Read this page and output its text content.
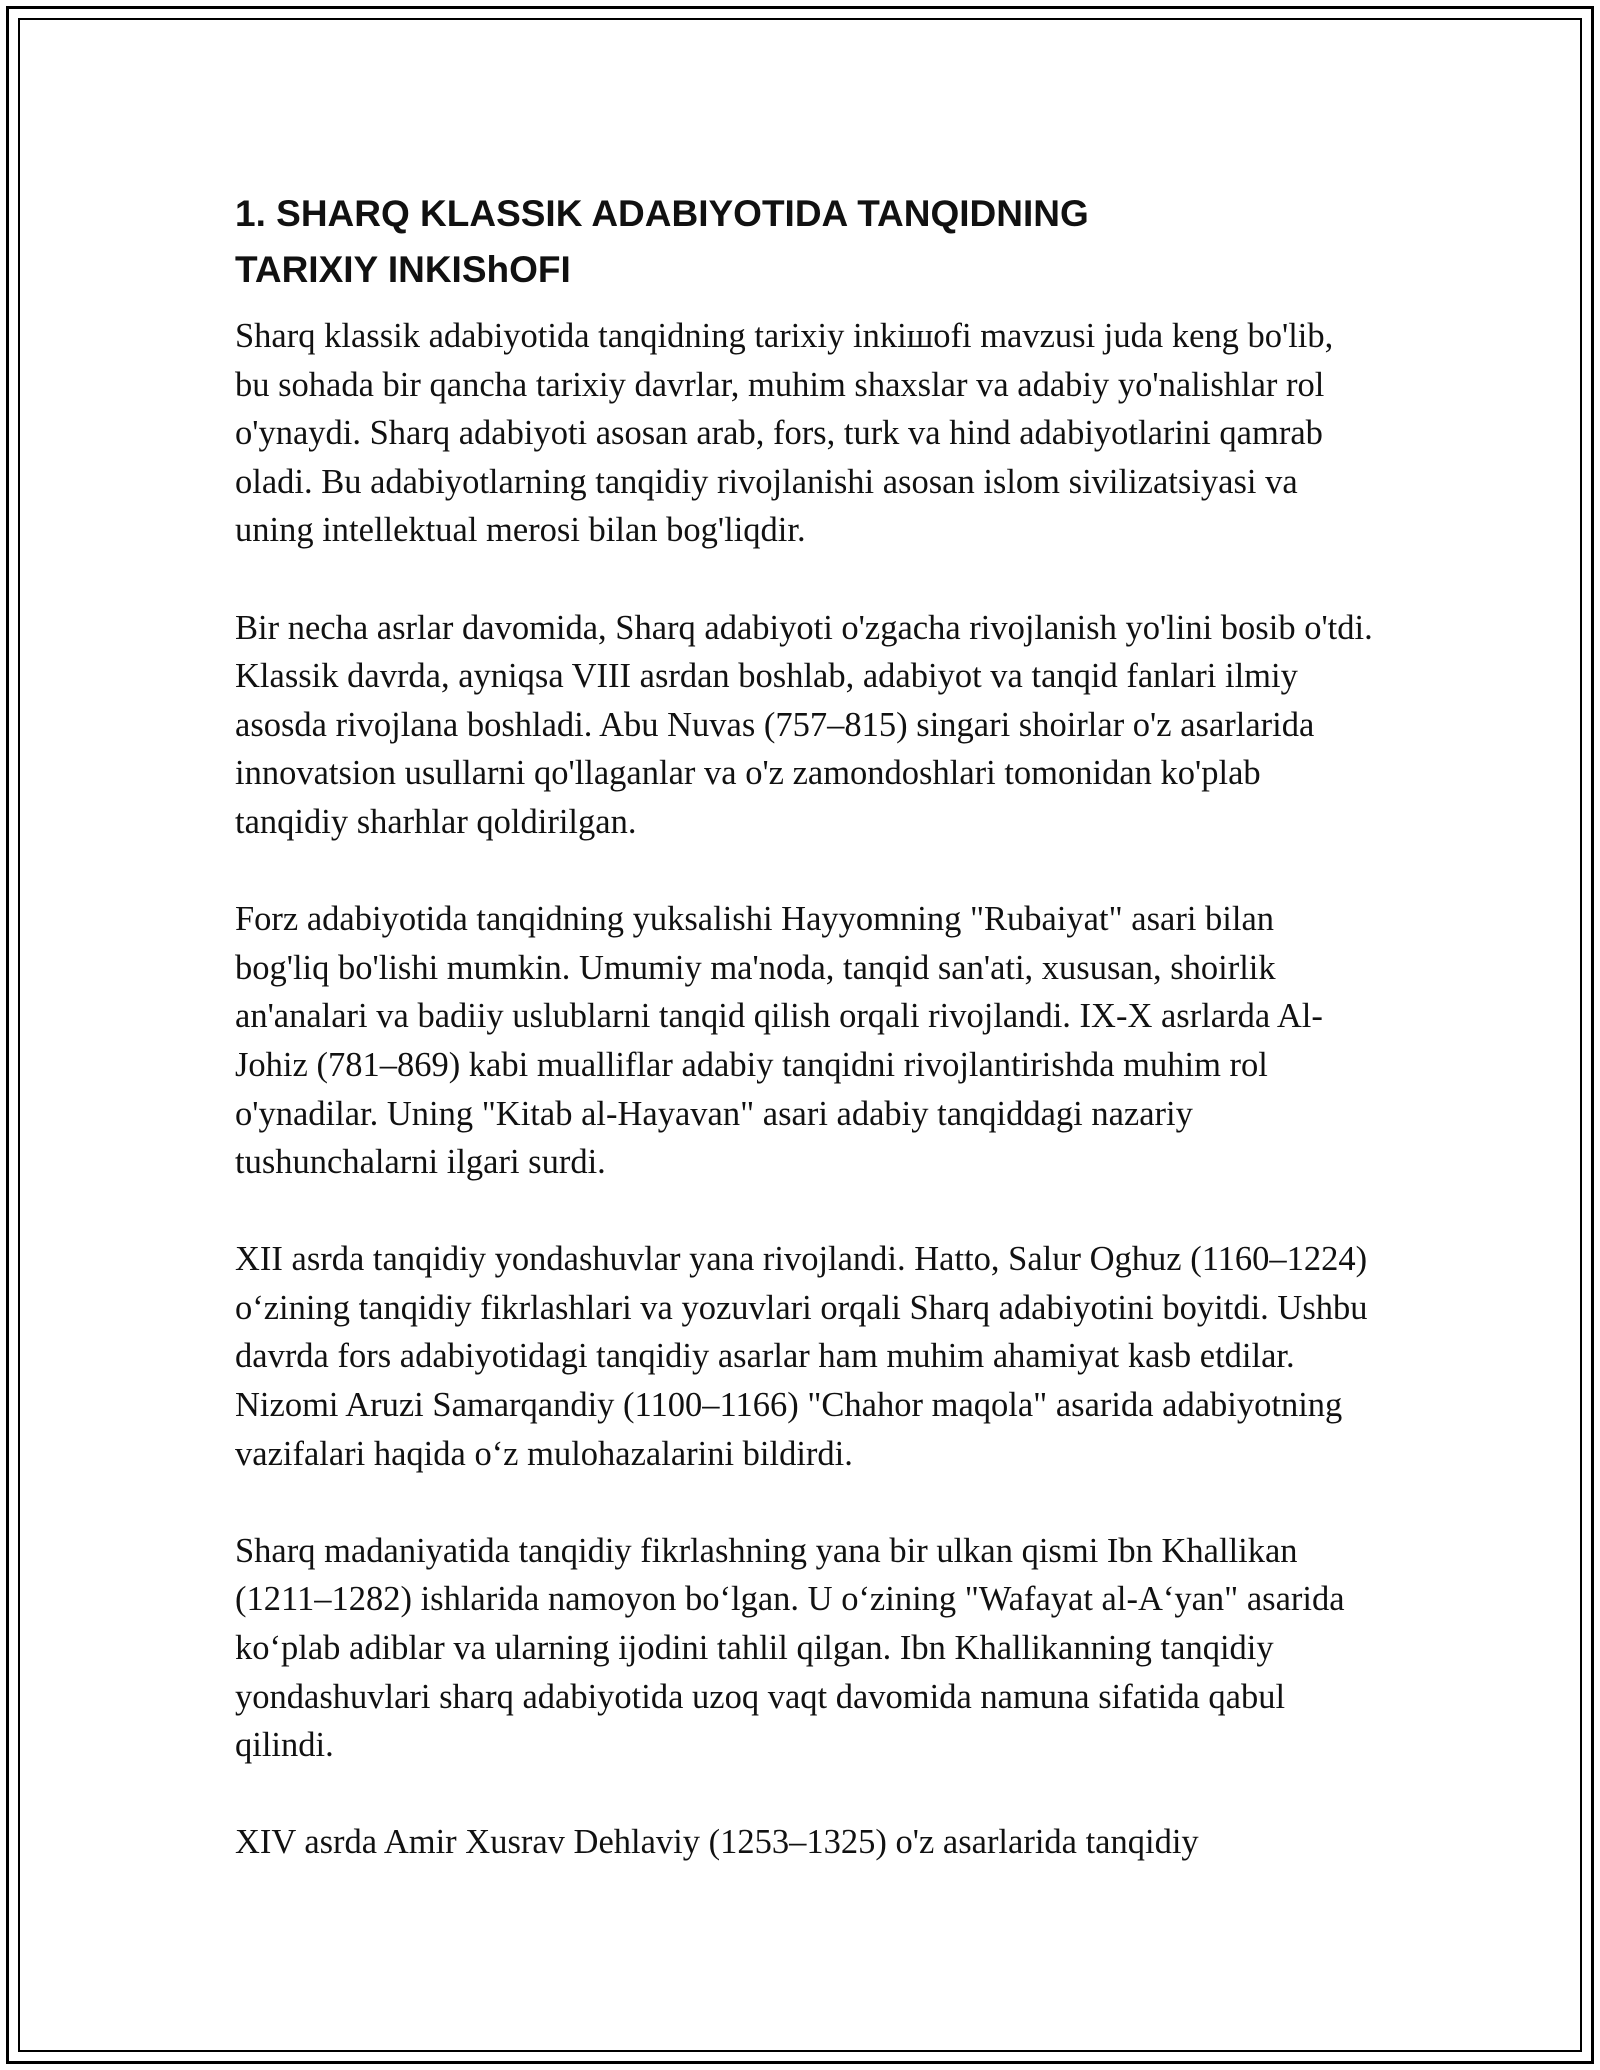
1. SHARQ KLASSIK ADABIYOTIDA TANQIDNING
TARIXIY INKIShOFI

Sharq klassik adabiyotida tanqidning tarixiy inkiшofi mavzusi juda keng bo'lib, bu sohada bir qancha tarixiy davrlar, muhim shaxslar va adabiy yo'nalishlar rol o'ynaydi. Sharq adabiyoti asosan arab, fors, turk va hind adabiyotlarini qamrab oladi. Bu adabiyotlarning tanqidiy rivojlanishi asosan islom sivilizatsiyasi va uning intellektual merosi bilan bog'liqdir.

Bir necha asrlar davomida, Sharq adabiyoti o'zgacha rivojlanish yo'lini bosib o'tdi. Klassik davrda, ayniqsa VIII asrdan boshlab, adabiyot va tanqid fanlari ilmiy asosda rivojlana boshladi. Abu Nuvas (757–815) singari shoirlar o'z asarlarida innovatsion usullarni qo'llaganlar va o'z zamondoshlari tomonidan ko'plab tanqidiy sharhlar qoldirilgan.

Forz adabiyotida tanqidning yuksalishi Hayyomning "Rubaiyat" asari bilan bog'liq bo'lishi mumkin. Umumiy ma'noda, tanqid san'ati, xususan, shoirlik an'analari va badiiy uslublarni tanqid qilish orqali rivojlandi. IX-X asrlarda Al-Johiz (781–869) kabi mualliflar adabiy tanqidni rivojlantirishda muhim rol o'ynadilar. Uning "Kitab al-Hayavan" asari adabiy tanqiddagi nazariy tushunchalarni ilgari surdi.

XII asrda tanqidiy yondashuvlar yana rivojlandi. Hatto, Salur Oghuz (1160–1224) oʻzining tanqidiy fikrlashlari va yozuvlari orqali Sharq adabiyotini boyitdi. Ushbu davrda fors adabiyotidagi tanqidiy asarlar ham muhim ahamiyat kasb etdilar. Nizomi Aruzi Samarqandiy (1100–1166) "Chahor maqola" asarida adabiyotning vazifalari haqida oʻz mulohazalarini bildirdi.

Sharq madaniyatida tanqidiy fikrlashning yana bir ulkan qismi Ibn Khallikan (1211–1282) ishlarida namoyon boʻlgan. U oʻzining "Wafayat al-Aʻyan" asarida koʻplab adiblar va ularning ijodini tahlil qilgan. Ibn Khallikanning tanqidiy yondashuvlari sharq adabiyotida uzoq vaqt davomida namuna sifatida qabul qilindi.

XIV asrda Amir Xusrav Dehlaviy (1253–1325) o'z asarlarida tanqidiy
